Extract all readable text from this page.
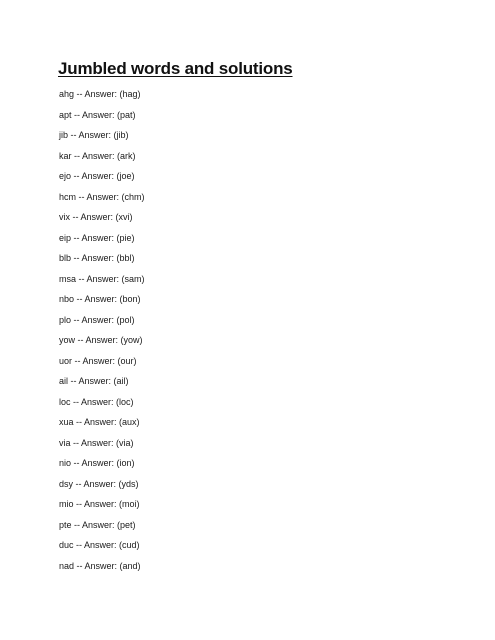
Jumbled words and solutions
ahg -- Answer: (hag)
apt -- Answer: (pat)
jib -- Answer: (jib)
kar -- Answer: (ark)
ejo -- Answer: (joe)
hcm -- Answer: (chm)
vix -- Answer: (xvi)
eip -- Answer: (pie)
blb -- Answer: (bbl)
msa -- Answer: (sam)
nbo -- Answer: (bon)
plo -- Answer: (pol)
yow -- Answer: (yow)
uor -- Answer: (our)
ail -- Answer: (ail)
loc -- Answer: (loc)
xua -- Answer: (aux)
via -- Answer: (via)
nio -- Answer: (ion)
dsy -- Answer: (yds)
mio -- Answer: (moi)
pte -- Answer: (pet)
duc -- Answer: (cud)
nad -- Answer: (and)
